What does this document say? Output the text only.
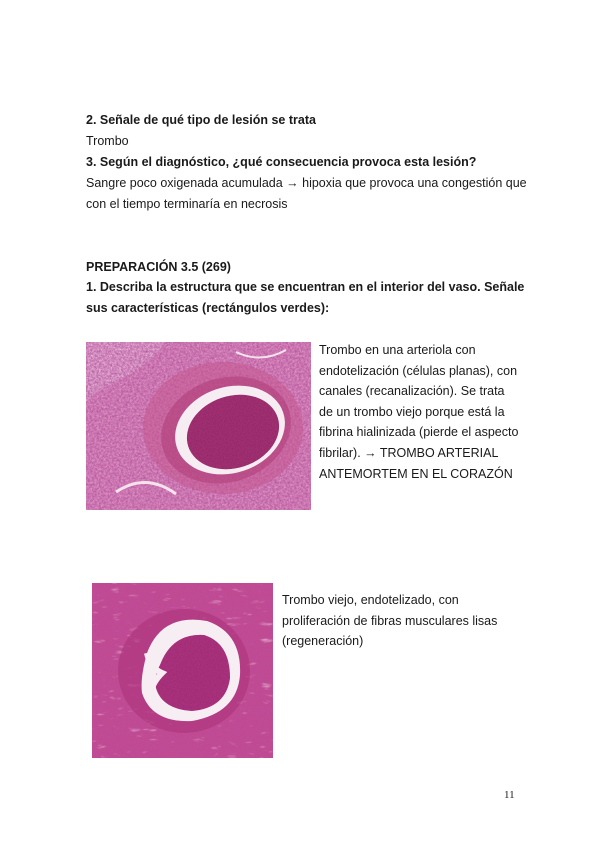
2. Señale de qué tipo de lesión se trata
Trombo
3. Según el diagnóstico, ¿qué consecuencia provoca esta lesión?
Sangre poco oxigenada acumulada → hipoxia que provoca una congestión que
con el tiempo terminaría en necrosis
PREPARACIÓN 3.5 (269)
1. Describa la estructura que se encuentran en el interior del vaso. Señale
sus características (rectángulos verdes):
Trombo en una arteriola con
endotelización (células planas), con
canales (recanalización). Se trata
de un trombo viejo porque está la
fibrina hialinizada (pierde el aspecto
fibrilar). → TROMBO ARTERIAL
ANTEMORTEM EN EL CORAZÓN
Trombo viejo, endotelizado, con
proliferación de fibras musculares lisas
(regeneración)
11
